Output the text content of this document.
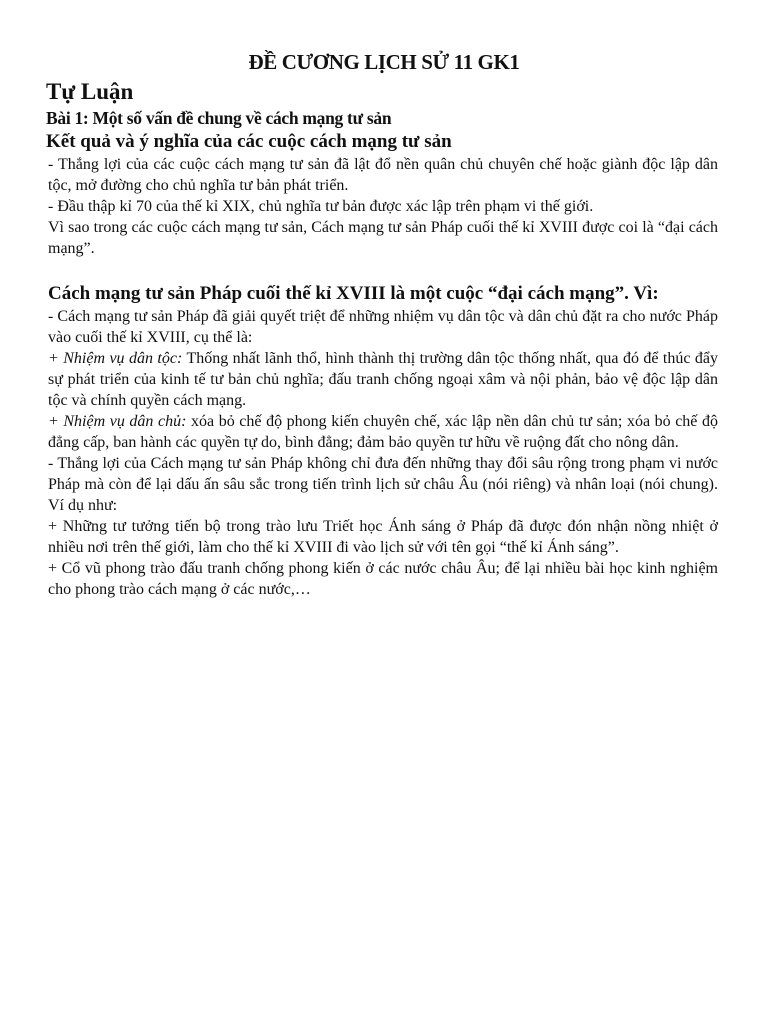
ĐỀ CƯƠNG LỊCH SỬ 11 GK1
Tự Luận
Bài 1: Một số vấn đề chung về cách mạng tư sản
Kết quả và ý nghĩa của các cuộc cách mạng tư sản

- Thắng lợi của các cuộc cách mạng tư sản đã lật đổ nền quân chủ chuyên chế hoặc giành độc lập dân tộc, mở đường cho chủ nghĩa tư bản phát triển.

- Đầu thập kỉ 70 của thế kỉ XIX, chủ nghĩa tư bản được xác lập trên phạm vi thế giới.

Vì sao trong các cuộc cách mạng tư sản, Cách mạng tư sản Pháp cuối thế kỉ XVIII được coi là “đại cách mạng”.

Cách mạng tư sản Pháp cuối thế kỉ XVIII là một cuộc “đại cách mạng”. Vì:

- Cách mạng tư sản Pháp đã giải quyết triệt để những nhiệm vụ dân tộc và dân chủ đặt ra cho nước Pháp vào cuối thế kỉ XVIII, cụ thể là:

+ Nhiệm vụ dân tộc: Thống nhất lãnh thổ, hình thành thị trường dân tộc thống nhất, qua đó để thúc đẩy sự phát triển của kinh tế tư bản chủ nghĩa; đấu tranh chống ngoại xâm và nội phản, bảo vệ độc lập dân tộc và chính quyền cách mạng.

+ Nhiệm vụ dân chủ: xóa bỏ chế độ phong kiến chuyên chế, xác lập nền dân chủ tư sản; xóa bỏ chế độ đẳng cấp, ban hành các quyền tự do, bình đẳng; đảm bảo quyền tư hữu về ruộng đất cho nông dân.

- Thắng lợi của Cách mạng tư sản Pháp không chỉ đưa đến những thay đổi sâu rộng trong phạm vi nước Pháp mà còn để lại dấu ấn sâu sắc trong tiến trình lịch sử châu Âu (nói riêng) và nhân loại (nói chung). Ví dụ như:

+ Những tư tưởng tiến bộ trong trào lưu Triết học Ánh sáng ở Pháp đã được đón nhận nồng nhiệt ở nhiều nơi trên thế giới, làm cho thế kỉ XVIII đi vào lịch sử với tên gọi “thế kỉ Ánh sáng”.

+ Cổ vũ phong trào đấu tranh chống phong kiến ở các nước châu Âu; để lại nhiều bài học kinh nghiệm cho phong trào cách mạng ở các nước,…
